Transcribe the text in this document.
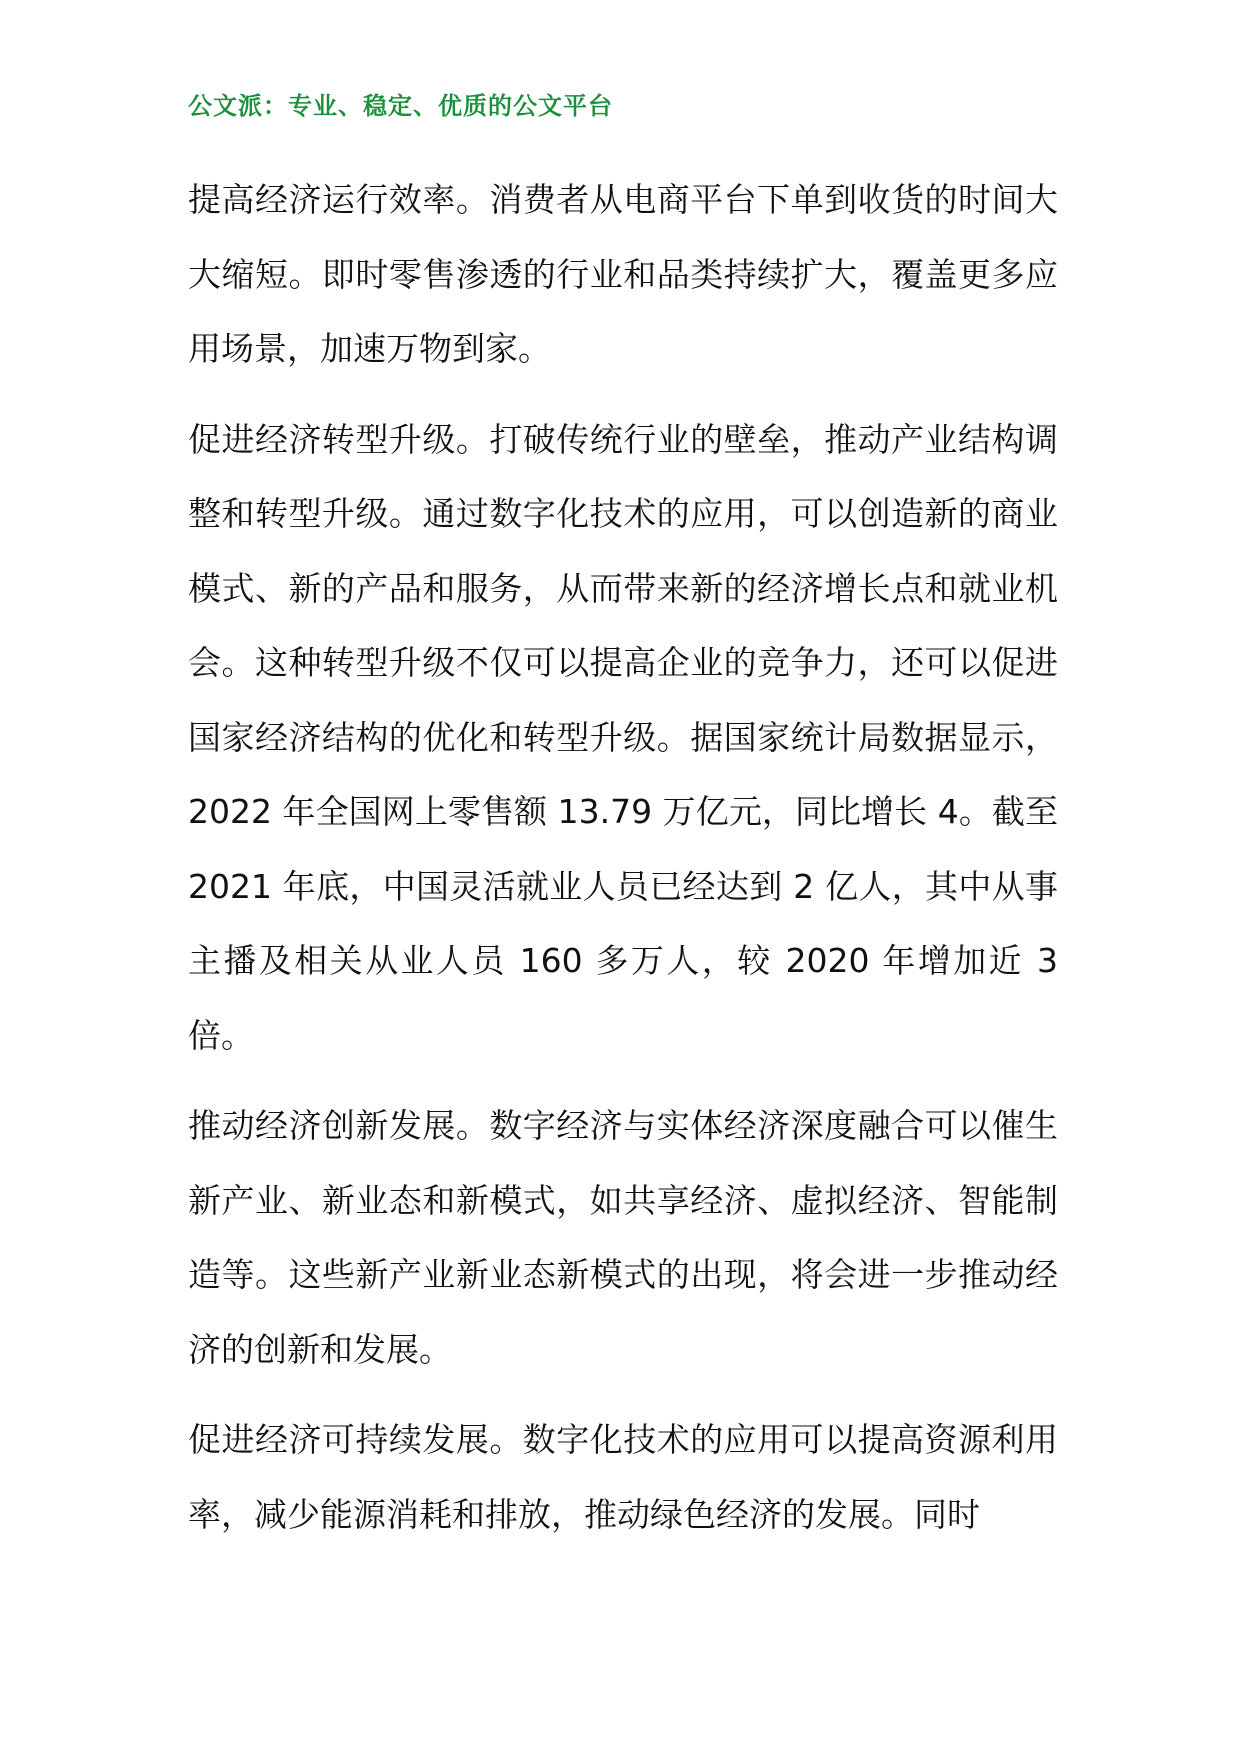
公文派：专业、稳定、优质的公文平台

提高经济运行效率。消费者从电商平台下单到收货的时间大大缩短。即时零售渗透的行业和品类持续扩大，覆盖更多应用场景，加速万物到家。

促进经济转型升级。打破传统行业的壁垒，推动产业结构调整和转型升级。通过数字化技术的应用，可以创造新的商业模式、新的产品和服务，从而带来新的经济增长点和就业机会。这种转型升级不仅可以提高企业的竞争力，还可以促进国家经济结构的优化和转型升级。据国家统计局数据显示，2022 年全国网上零售额 13.79 万亿元，同比增长 4。截至 2021 年底，中国灵活就业人员已经达到 2 亿人，其中从事主播及相关从业人员 160 多万人，较 2020 年增加近 3 倍。

推动经济创新发展。数字经济与实体经济深度融合可以催生新产业、新业态和新模式，如共享经济、虚拟经济、智能制造等。这些新产业新业态新模式的出现，将会进一步推动经济的创新和发展。

促进经济可持续发展。数字化技术的应用可以提高资源利用率，减少能源消耗和排放，推动绿色经济的发展。同时
